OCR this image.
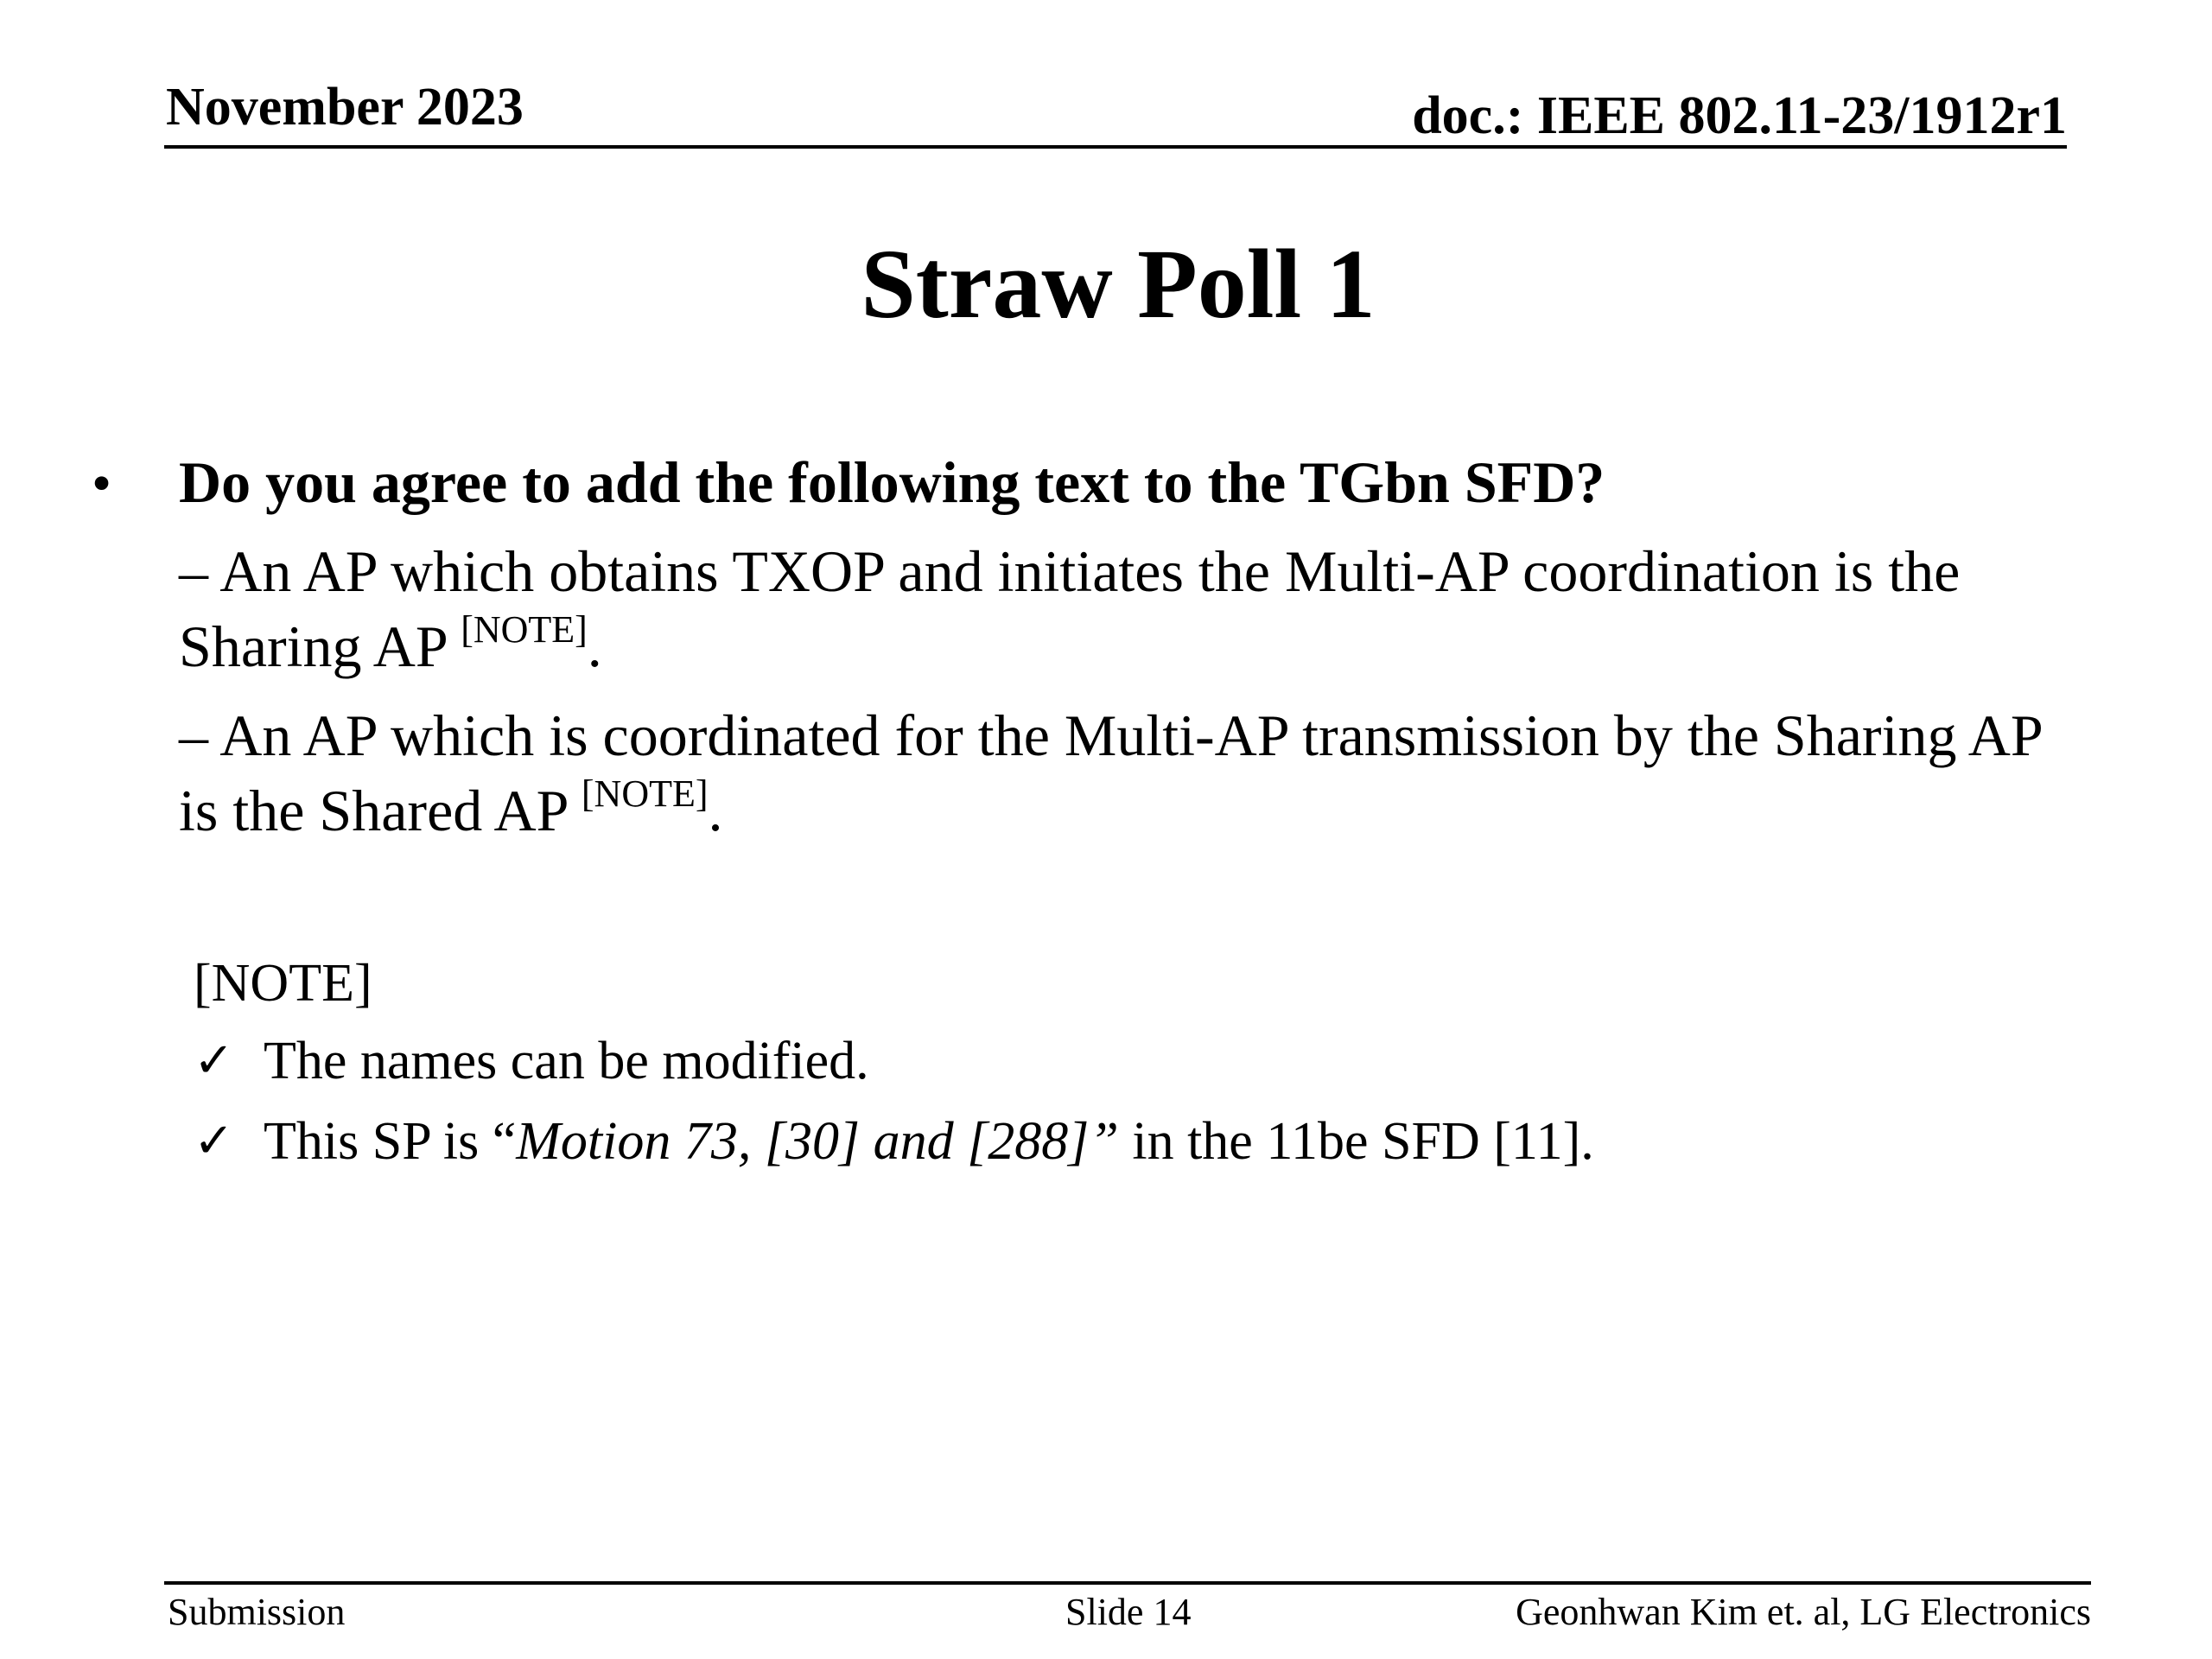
November 2023	doc.: IEEE 802.11-23/1912r1
Straw Poll 1
• Do you agree to add the following text to the TGbn SFD?
– An AP which obtains TXOP and initiates the Multi-AP coordination is the Sharing AP [NOTE].
– An AP which is coordinated for the Multi-AP transmission by the Sharing AP is the Shared AP [NOTE].
[NOTE]
✓ The names can be modified.
✓ This SP is “Motion 73, [30] and [288]” in the 11be SFD [11].
Submission	Slide 14	Geonhwan Kim et. al, LG Electronics
